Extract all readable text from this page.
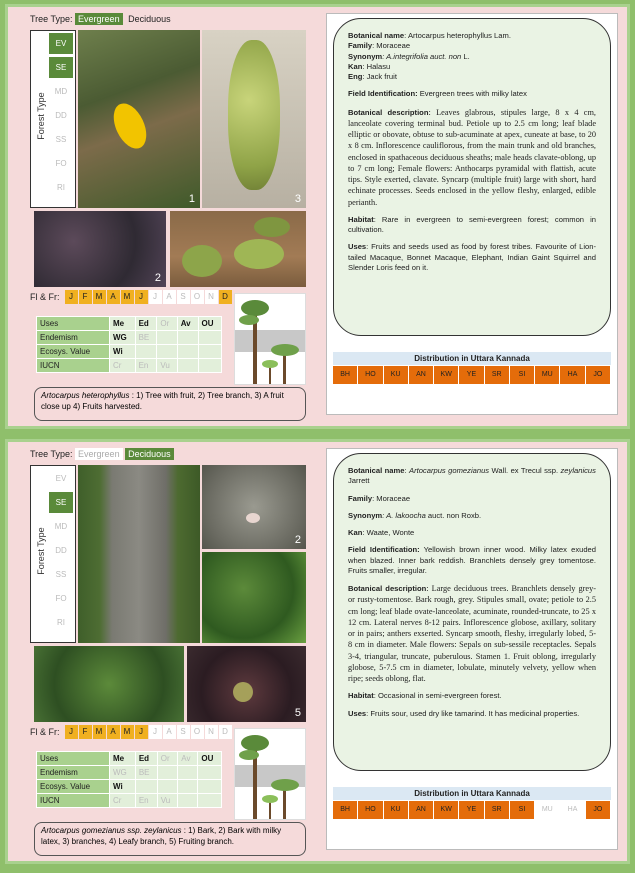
Tree Type: Evergreen Deciduous
Forest Type
EV
SE
MD
DD
SS
FO
RI
1	3
2
Fl & Fr:	J	F	M	A M	J	J	A	S	O	N	D
Uses	Me	Ed	Or	Av	OU
Endemism	WG	BE			
Ecosys. Value	Wi				
IUCN	Cr	En	Vu		
Artocarpus heterophyllus : 1) Tree with fruit, 2) Tree branch, 3) A fruit close up 4) Fruits harvested.

Botanical name: Artocarpus heterophyllus Lam.

Family: Moraceae

Synonym: A.integrifolia auct. non L.

Kan: Halasu

Eng: Jack fruit

Field Identification: Evergreen trees with milky latex

Botanical description: Leaves glabrous, stipules large, 8 x 4 cm, lanceolate covering terminal bud. Petiole up to 2.5 cm long; leaf blade elliptic or obovate, obtuse to sub-acuminate at apex, cuneate at base, to 20 x 8 cm. Inflorescence cauliflorous, from the main trunk and old branches, enclosed in spathaceous deciduous sheaths; male heads clavate-oblong, up to 7 cm long; Female flowers: Anthocarps pyramidal with flattish, acute tips. Style exerted, clavate. Syncarp (multiple fruit) large with short, hard echinate processes. Seeds enclosed in the yellow fleshy, enlarged, edible perianth.

Habitat: Rare in evergreen to semi-evergreen forest; common in cultivation.

Uses: Fruits and seeds used as food by forest tribes. Favourite of Lion-tailed Macaque, Bonnet Macaque, Elephant, Indian Gaint Squirrel and Slender Loris feed on it.

Distribution in Uttara Kannada
BH	HO	KU	AN	KW	YE	SR	SI	MU	HA	JO
Tree Type: Evergreen Deciduous
Forest Type
EV
SE
MD
DD
SS
FO
RI
2
5
Fl & Fr:	J	F	M	A M	J	J	A	S	O	N	D
Uses	Me	Ed	Or	Av	OU
Endemism	WG	BE			
Ecosys. Value	Wi				
IUCN	Cr	En	Vu		
Artocarpus gomezianus ssp. zeylanicus : 1) Bark, 2) Bark with milky latex, 3) branches, 4) Leafy branch, 5) Fruiting branch.

Botanical name: Artocarpus gomezianus Wall. ex Trecul ssp. zeylanicus Jarrett

Family: Moraceae

Synonym: A. lakoocha auct. non Roxb.

Kan: Waate, Wonte

Field Identification: Yellowish brown inner wood. Milky latex exuded when blazed. Inner bark reddish. Branchlets densely grey tomentose. Fruits smaller, irregular.

Botanical description: Large deciduous trees. Branchlets densely grey- or rusty-tomentose. Bark rough, grey. Stipules small, ovate; petiole to 2.5 cm long; leaf blade ovate-lanceolate, acuminate, rounded-truncate, to 25 x 12 cm. Lateral nerves 8-12 pairs. Inflorescence globose, axillary, solitary or in pairs; anthers exserted. Syncarp smooth, fleshy, irregularly lobed, 5-8 cm in diameter. Male flowers: Sepals on sub-sessile receptacles. Sepals 3-4, triangular, truncate, puberulous. Stamen 1. Fruit oblong, irregularly globose, 5-7.5 cm in diameter, lobulate, minutely velvety, yellow when ripe; seeds oblong, flat.

Habitat: Occasional in semi-evergreen forest.

Uses: Fruits sour, used dry like tamarind. It has medicinal properties.

Distribution in Uttara Kannada
BH	HO	KU	AN	KW	YE	SR	SI	MU	HA	JO
